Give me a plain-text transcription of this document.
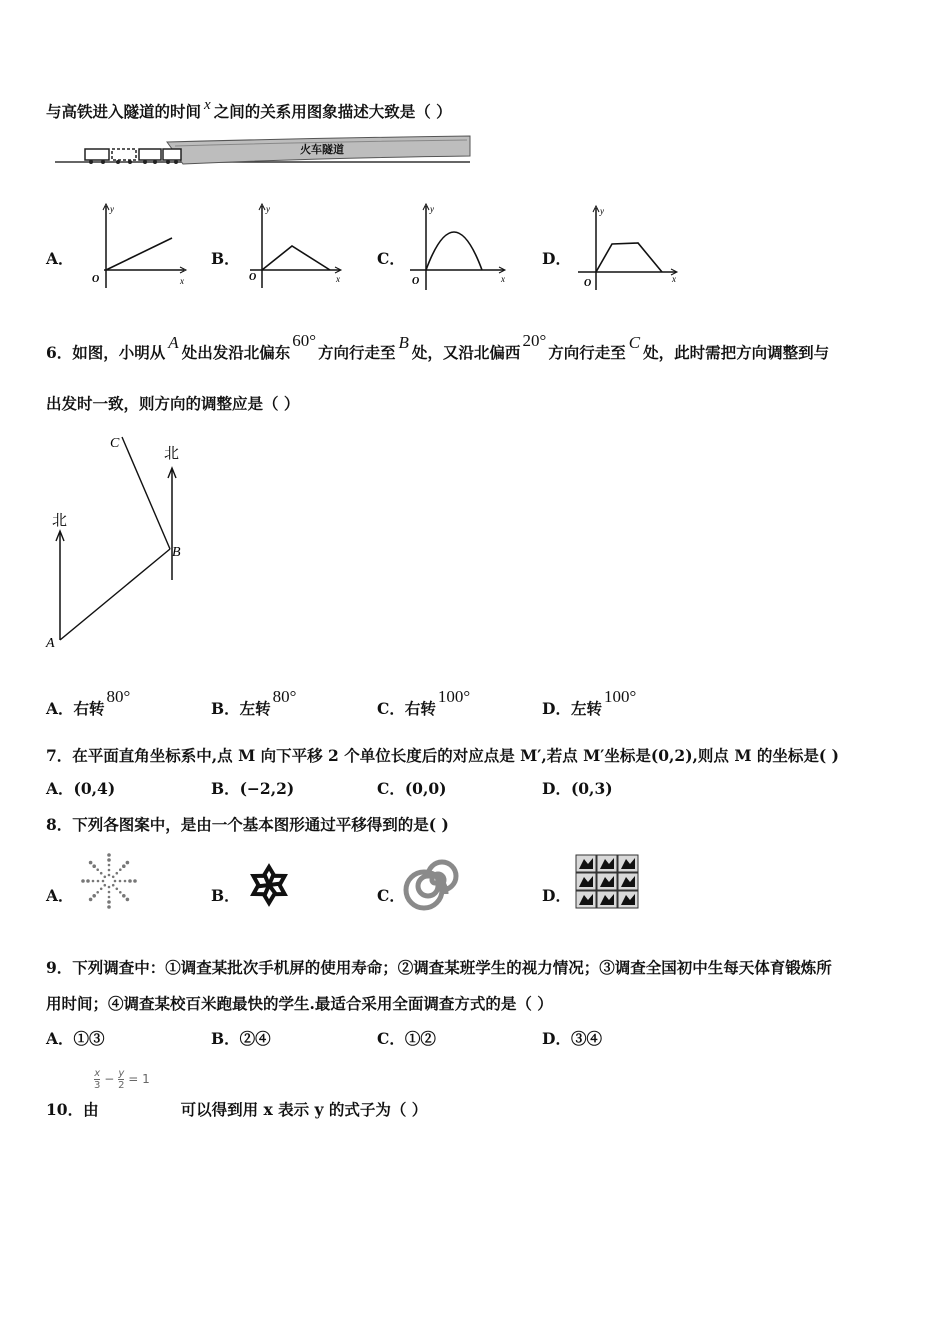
与高铁进入隧道的时间 x 之间的关系用图象描述大致是（ ）
火车隧道
A．
y
x
O
B．
y
x
O
C．
y
x
O
D．
y
x
O
6．如图，小明从A处出发沿北偏东60°方向行走至B处，又沿北偏西20°方向行走至C处，此时需把方向调整到与
出发时一致，则方向的调整应是（ ）
北
北
A
B
C
A．右转80°
B．左转80°
C．右转100°
D．左转100°
7．在平面直角坐标系中,点 M 向下平移 2 个单位长度后的对应点是 M′,若点 M′坐标是(0,2),则点 M 的坐标是( )
A．(0,4)	B．(−2,2)	C．(0,0)	D．(0,3)
8．下列各图案中，是由一个基本图形通过平移得到的是( )
A．	B．	C．	D．
9．下列调查中：①调查某批次手机屏的使用寿命；②调查某班学生的视力情况；③调查全国初中生每天体育锻炼所
用时间；④调查某校百米跑最快的学生.最适合采用全面调查方式的是（ ）
A．①③	B．②④	C．①②	D．③④
$\frac{x}{3} - \frac{y}{2} = 1$
10．由	可以得到用 x 表示 y 的式子为（ ）
